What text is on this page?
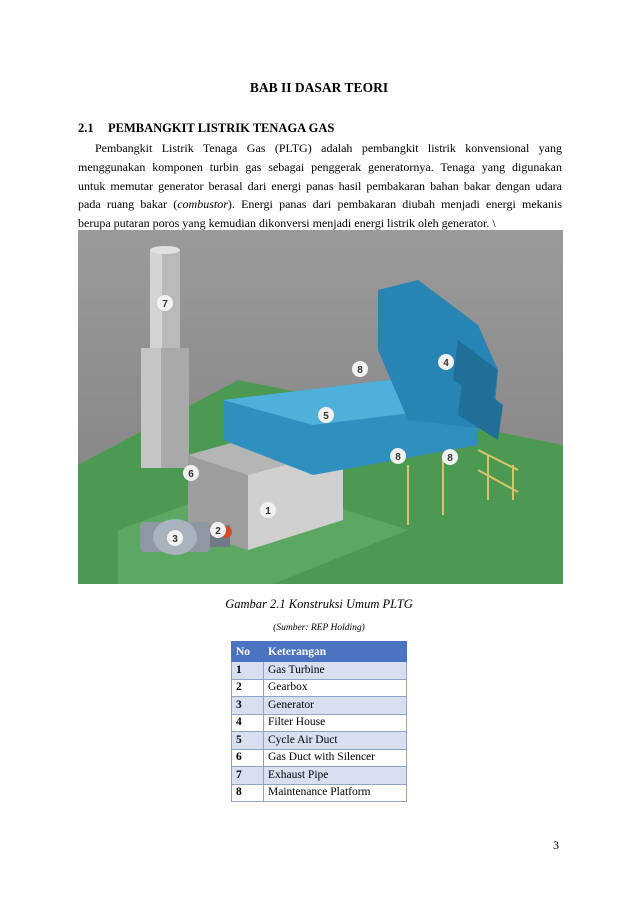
BAB II DASAR TEORI
2.1 PEMBANGKIT LISTRIK TENAGA GAS
Pembangkit Listrik Tenaga Gas (PLTG) adalah pembangkit listrik konvensional yang
menggunakan komponen turbin gas sebagai penggerak generatornya. Tenaga yang digunakan
untuk memutar generator berasal dari energi panas hasil pembakaran bahan bakar dengan udara
pada ruang bakar (combustor). Energi panas dari pembakaran diubah menjadi energi mekanis
berupa putaran poros yang kemudian dikonversi menjadi energi listrik oleh generator. \
1
2
3
4
5
6
7
8
8	8
Gambar 2.1 Konstruksi Umum PLTG
(Sumber: REP Holding)
No	Keterangan
1	Gas Turbine
2	Gearbox
3	Generator
4	Filter House
5	Cycle Air Duct
6	Gas Duct with Silencer
7	Exhaust Pipe
8	Maintenance Platform
3
